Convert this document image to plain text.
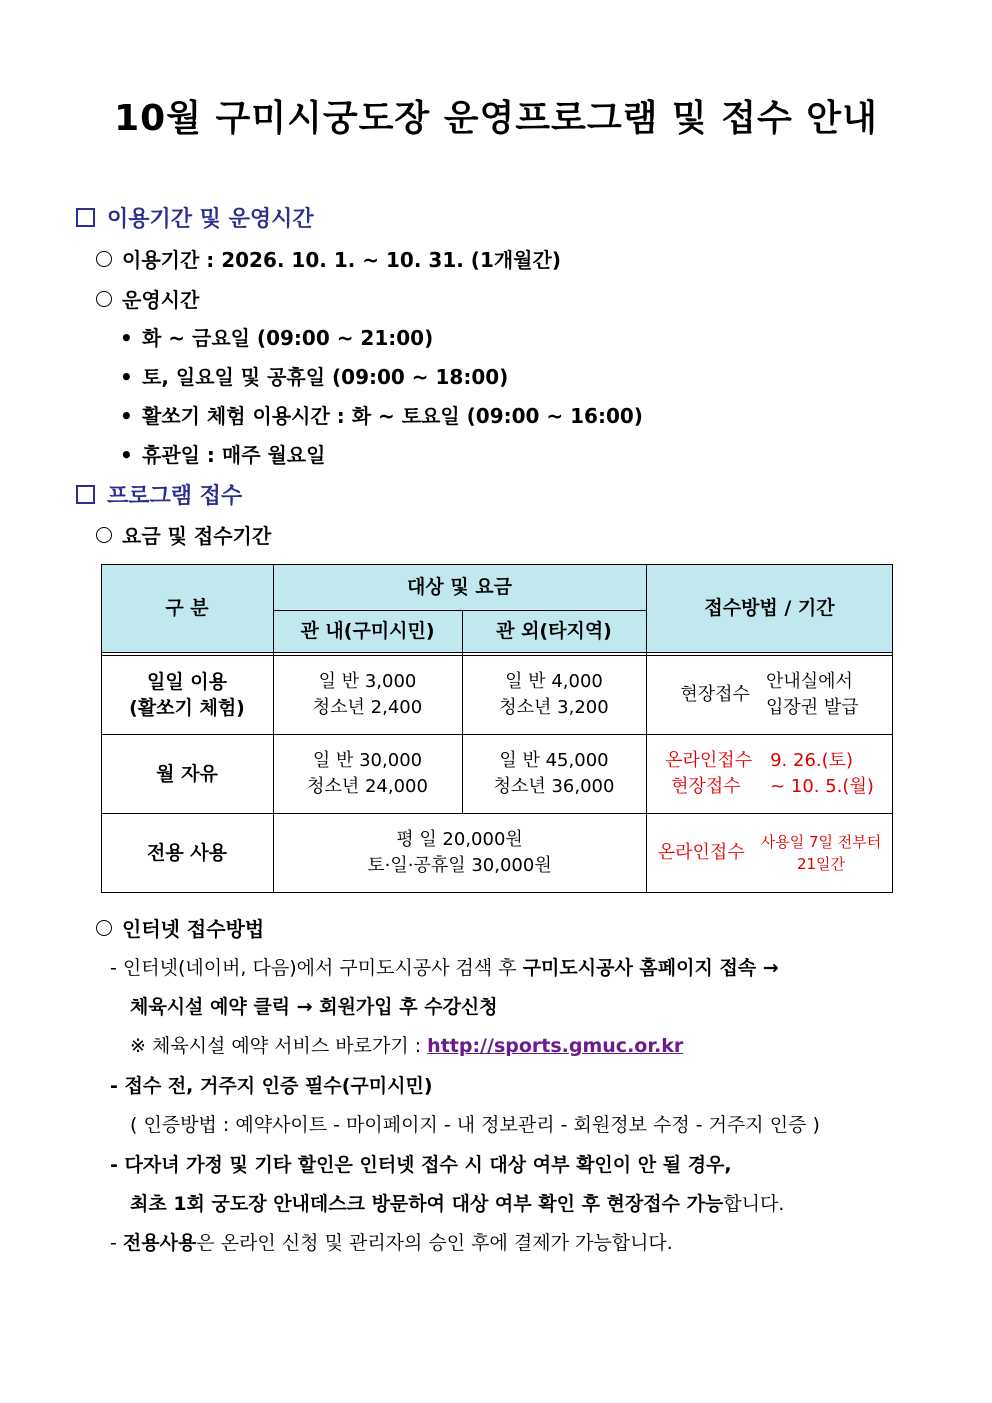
10월 구미시궁도장 운영프로그램 및 접수 안내
이용기간 및 운영시간
이용기간 : 2026. 10. 1. ~ 10. 31. (1개월간)
운영시간
• 화 ~ 금요일 (09:00 ~ 21:00)
• 토, 일요일 및 공휴일 (09:00 ~ 18:00)
• 활쏘기 체험 이용시간 : 화 ~ 토요일 (09:00 ~ 16:00)
• 휴관일 : 매주 월요일
프로그램 접수
요금 및 접수기간
구 분
대상 및 요금
관 내(구미시민)	관 외(타지역)
접수방법 / 기간
일일 이용
(활쏘기 체험)
일 반 3,000
청소년 2,400
일 반 4,000
청소년 3,200
현장접수
안내실에서
입장권 발급
월 자유
일 반 30,000
청소년 24,000
일 반 45,000
청소년 36,000
온라인접수
현장접수
9. 26.(토)
~ 10. 5.(월)
전용 사용
평 일 20,000원
토·일·공휴일 30,000원
온라인접수 사용일 7일 전부터
21일간
인터넷 접수방법
- 인터넷(네이버, 다음)에서 구미도시공사 검색 후 구미도시공사 홈페이지 접속 →
체육시설 예약 클릭 → 회원가입 후 수강신청
※ 체육시설 예약 서비스 바로가기 : http://sports.gmuc.or.kr
- 접수 전, 거주지 인증 필수(구미시민)
( 인증방법 : 예약사이트 - 마이페이지 - 내 정보관리 - 회원정보 수정 - 거주지 인증 )
- 다자녀 가정 및 기타 할인은 인터넷 접수 시 대상 여부 확인이 안 될 경우,
최초 1회 궁도장 안내데스크 방문하여 대상 여부 확인 후 현장접수 가능합니다.
- 전용사용은 온라인 신청 및 관리자의 승인 후에 결제가 가능합니다.
